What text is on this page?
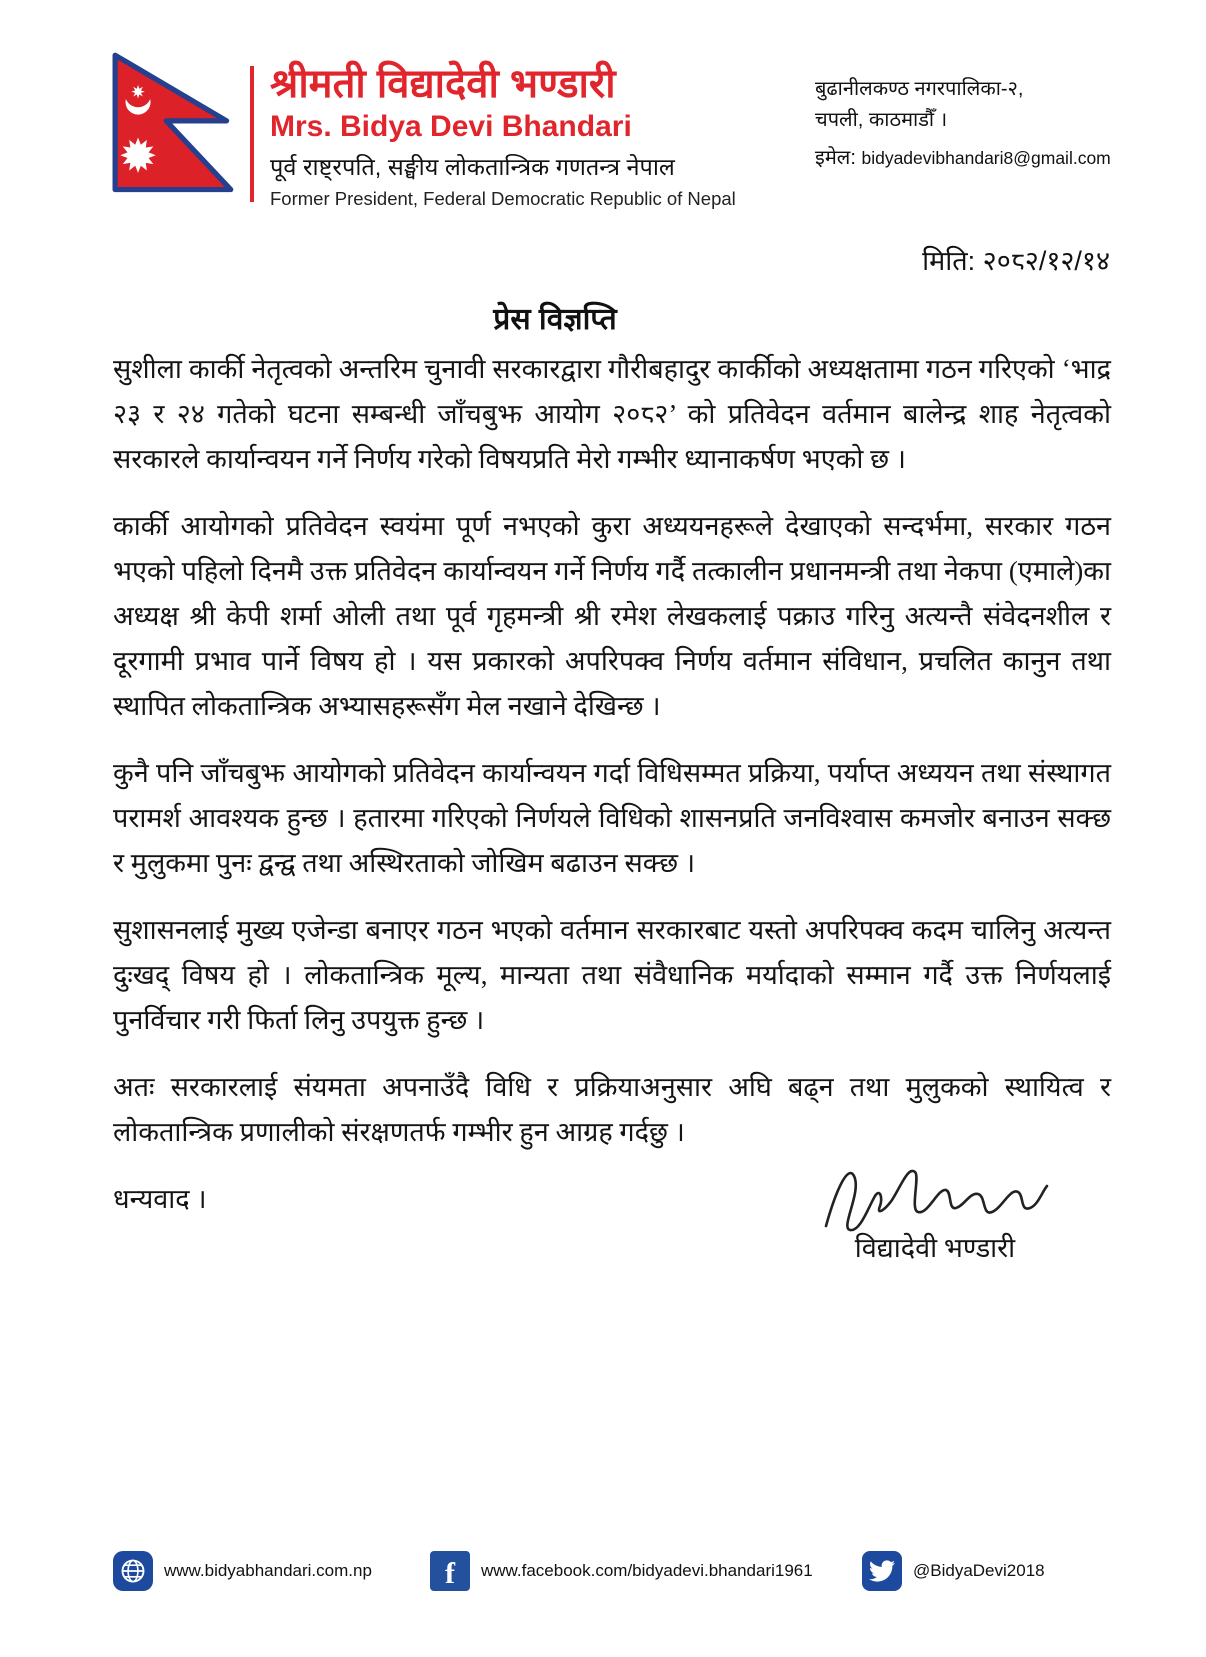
श्रीमती विद्यादेवी भण्डारी
Mrs. Bidya Devi Bhandari
पूर्व राष्ट्रपति, सङ्घीय लोकतान्त्रिक गणतन्त्र नेपाल
Former President, Federal Democratic Republic of Nepal
बुढानीलकण्ठ नगरपालिका-२,
चपली, काठमाडौँ ।
इमेल: bidyadevibhandari8@gmail.com
मिति: २०८२/१२/१४
प्रेस विज्ञप्ति

सुशीला कार्की नेतृत्वको अन्तरिम चुनावी सरकारद्वारा गौरीबहादुर कार्कीको अध्यक्षतामा गठन गरिएको ‘भाद्र २३ र २४ गतेको घटना सम्बन्धी जाँचबुझ आयोग २०८२’ को प्रतिवेदन वर्तमान बालेन्द्र शाह नेतृत्वको सरकारले कार्यान्वयन गर्ने निर्णय गरेको विषयप्रति मेरो गम्भीर ध्यानाकर्षण भएको छ ।

कार्की आयोगको प्रतिवेदन स्वयंमा पूर्ण नभएको कुरा अध्ययनहरूले देखाएको सन्दर्भमा, सरकार गठन भएको पहिलो दिनमै उक्त प्रतिवेदन कार्यान्वयन गर्ने निर्णय गर्दै तत्कालीन प्रधानमन्त्री तथा नेकपा (एमाले)का अध्यक्ष श्री केपी शर्मा ओली तथा पूर्व गृहमन्त्री श्री रमेश लेखकलाई पक्राउ गरिनु अत्यन्तै संवेदनशील र दूरगामी प्रभाव पार्ने विषय हो । यस प्रकारको अपरिपक्व निर्णय वर्तमान संविधान, प्रचलित कानुन तथा स्थापित लोकतान्त्रिक अभ्यासहरूसँग मेल नखाने देखिन्छ ।

कुनै पनि जाँचबुझ आयोगको प्रतिवेदन कार्यान्वयन गर्दा विधिसम्मत प्रक्रिया, पर्याप्त अध्ययन तथा संस्थागत परामर्श आवश्यक हुन्छ । हतारमा गरिएको निर्णयले विधिको शासनप्रति जनविश्वास कमजोर बनाउन सक्छ र मुलुकमा पुनः द्वन्द्व तथा अस्थिरताको जोखिम बढाउन सक्छ ।

सुशासनलाई मुख्य एजेन्डा बनाएर गठन भएको वर्तमान सरकारबाट यस्तो अपरिपक्व कदम चालिनु अत्यन्त दुःखद् विषय हो । लोकतान्त्रिक मूल्य, मान्यता तथा संवैधानिक मर्यादाको सम्मान गर्दै उक्त निर्णयलाई पुनर्विचार गरी फिर्ता लिनु उपयुक्त हुन्छ ।

अतः सरकारलाई संयमता अपनाउँदै विधि र प्रक्रियाअनुसार अघि बढ्न तथा मुलुकको स्थायित्व र लोकतान्त्रिक प्रणालीको संरक्षणतर्फ गम्भीर हुन आग्रह गर्दछु ।

धन्यवाद ।

विद्यादेवी भण्डारी
www.bidyabhandari.com.np f www.facebook.com/bidyadevi.bhandari1961	@BidyaDevi2018
